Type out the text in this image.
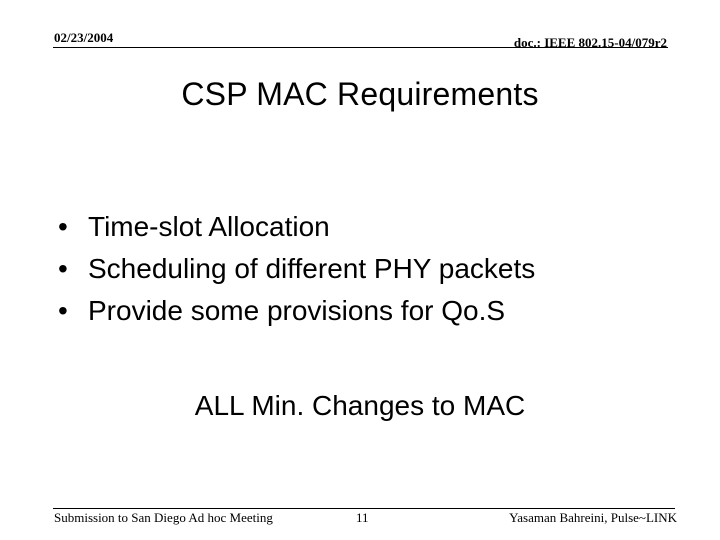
02/23/2004	doc.: IEEE 802.15-04/079r2
CSP MAC Requirements
• Time-slot Allocation
• Scheduling of different PHY packets
• Provide some provisions for Qo.S
ALL Min. Changes to MAC
Submission to San Diego Ad hoc Meeting	11	Yasaman Bahreini, Pulse~LINK
